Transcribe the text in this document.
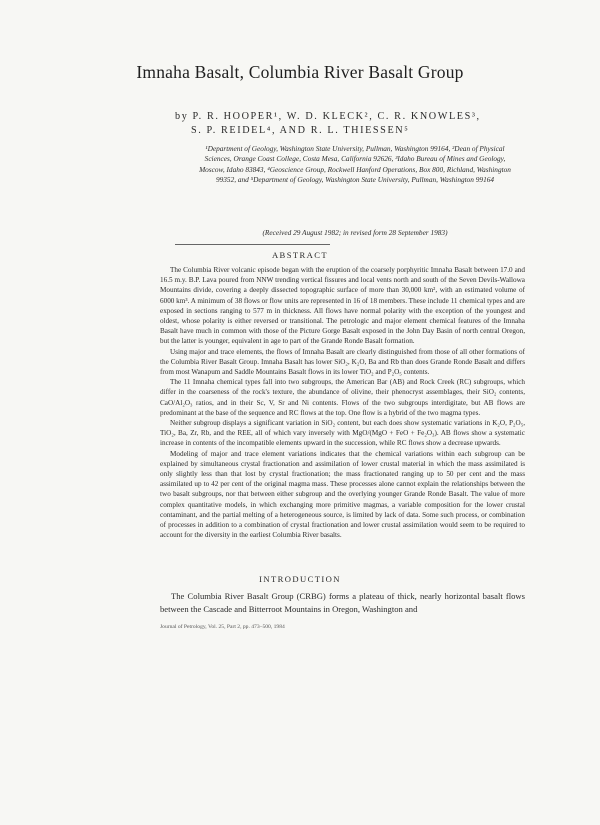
Imnaha Basalt, Columbia River Basalt Group
by P. R. HOOPER¹, W. D. KLECK², C. R. KNOWLES³,
S. P. REIDEL⁴, AND R. L. THIESSEN⁵
¹Department of Geology, Washington State University, Pullman, Washington 99164, ²Dean of Physical Sciences, Orange Coast College, Costa Mesa, California 92626, ³Idaho Bureau of Mines and Geology, Moscow, Idaho 83843, ⁴Geoscience Group, Rockwell Hanford Operations, Box 800, Richland, Washington 99352, and ⁵Department of Geology, Washington State University, Pullman, Washington 99164
(Received 29 August 1982; in revised form 28 September 1983)
ABSTRACT

The Columbia River volcanic episode began with the eruption of the coarsely porphyritic Imnaha Basalt between 17.0 and 16.5 m.y. B.P. Lava poured from NNW trending vertical fissures and local vents north and south of the Seven Devils-Wallowa Mountains divide, covering a deeply dissected topographic surface of more than 30,000 km², with an estimated volume of 6000 km³. A minimum of 38 flows or flow units are represented in 16 of 18 members. These include 11 chemical types and are exposed in sections ranging to 577 m in thickness. All flows have normal polarity with the exception of the youngest and oldest, whose polarity is either reversed or transitional. The petrologic and major element chemical features of the Imnaha Basalt have much in common with those of the Picture Gorge Basalt exposed in the John Day Basin of north central Oregon, but the latter is younger, equivalent in age to part of the Grande Ronde Basalt formation.

Using major and trace elements, the flows of Imnaha Basalt are clearly distinguished from those of all other formations of the Columbia River Basalt Group. Imnaha Basalt has lower SiO₂, K₂O, Ba and Rb than does Grande Ronde Basalt and differs from most Wanapum and Saddle Mountains Basalt flows in its lower TiO₂ and P₂O₅ contents.

The 11 Imnaha chemical types fall into two subgroups, the American Bar (AB) and Rock Creek (RC) subgroups, which differ in the coarseness of the rock's texture, the abundance of olivine, their phenocryst assemblages, their SiO₂ contents, CaO/Al₂O₃ ratios, and in their Sc, V, Sr and Ni contents. Flows of the two subgroups interdigitate, but AB flows are predominant at the base of the sequence and RC flows at the top. One flow is a hybrid of the two magma types.

Neither subgroup displays a significant variation in SiO₂ content, but each does show systematic variations in K₂O, P₂O₅, TiO₂, Ba, Zr, Rb, and the REE, all of which vary inversely with MgO/(MgO + FeO + Fe₂O₃). AB flows show a systematic increase in contents of the incompatible elements upward in the succession, while RC flows show a decrease upwards.

Modeling of major and trace element variations indicates that the chemical variations within each subgroup can be explained by simultaneous crystal fractionation and assimilation of lower crustal material in which the mass assimilated is only slightly less than that lost by crystal fractionation; the mass fractionated ranging up to 50 per cent and the mass assimilated up to 42 per cent of the original magma mass. These processes alone cannot explain the relationships between the two basalt subgroups, nor that between either subgroup and the overlying younger Grande Ronde Basalt. The value of more complex quantitative models, in which exchanging more primitive magmas, a variable composition for the lower crustal contaminant, and the partial melting of a heterogeneous source, is limited by lack of data. Some such process, or combination of processes in addition to a combination of crystal fractionation and lower crustal assimilation would seem to be required to account for the diversity in the earliest Columbia River basalts.

INTRODUCTION

The Columbia River Basalt Group (CRBG) forms a plateau of thick, nearly horizontal basalt flows between the Cascade and Bitterroot Mountains in Oregon, Washington and

Journal of Petrology, Vol. 25, Part 2, pp. 473–500, 1984
